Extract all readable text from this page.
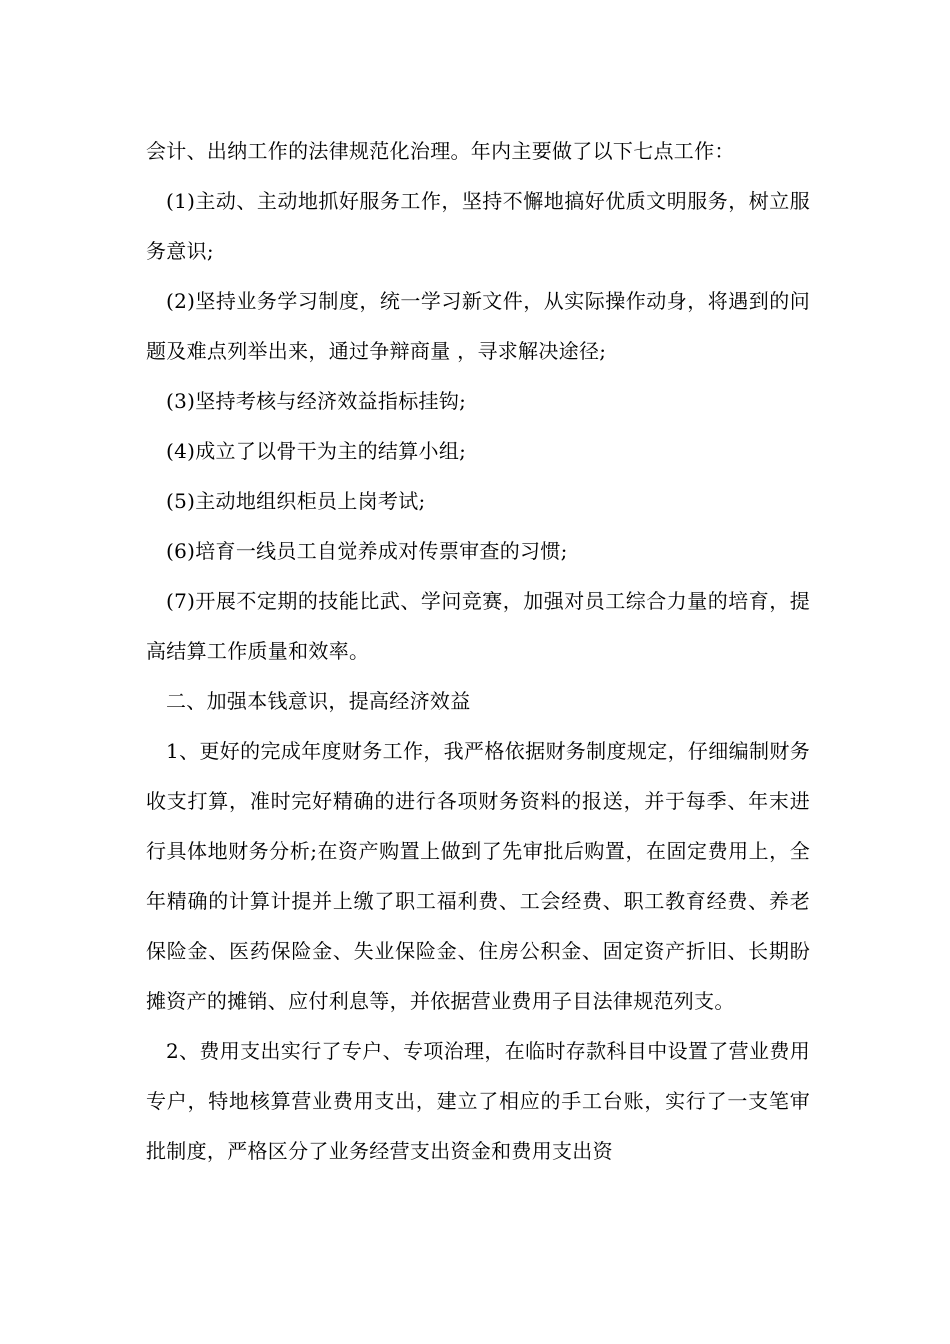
会计、出纳工作的法律规范化治理。年内主要做了以下七点工作：

(1)主动、主动地抓好服务工作，坚持不懈地搞好优质文明服务，树立服务意识;

(2)坚持业务学习制度，统一学习新文件，从实际操作动身，将遇到的问题及难点列举出来，通过争辩商量 ，寻求解决途径;

(3)坚持考核与经济效益指标挂钩;

(4)成立了以骨干为主的结算小组;

(5)主动地组织柜员上岗考试;

(6)培育一线员工自觉养成对传票审查的习惯;

(7)开展不定期的技能比武、学问竞赛，加强对员工综合力量的培育，提高结算工作质量和效率。

二、加强本钱意识，提高经济效益

1、更好的完成年度财务工作，我严格依据财务制度规定，仔细编制财务收支打算，准时完好精确的进行各项财务资料的报送，并于每季、年末进行具体地财务分析;在资产购置上做到了先审批后购置，在固定费用上，全年精确的计算计提并上缴了职工福利费、工会经费、职工教育经费、养老保险金、医药保险金、失业保险金、住房公积金、固定资产折旧、长期盼摊资产的摊销、应付利息等，并依据营业费用子目法律规范列支。

2、费用支出实行了专户、专项治理，在临时存款科目中设置了营业费用专户，特地核算营业费用支出，建立了相应的手工台账，实行了一支笔审批制度，严格区分了业务经营支出资金和费用支出资
